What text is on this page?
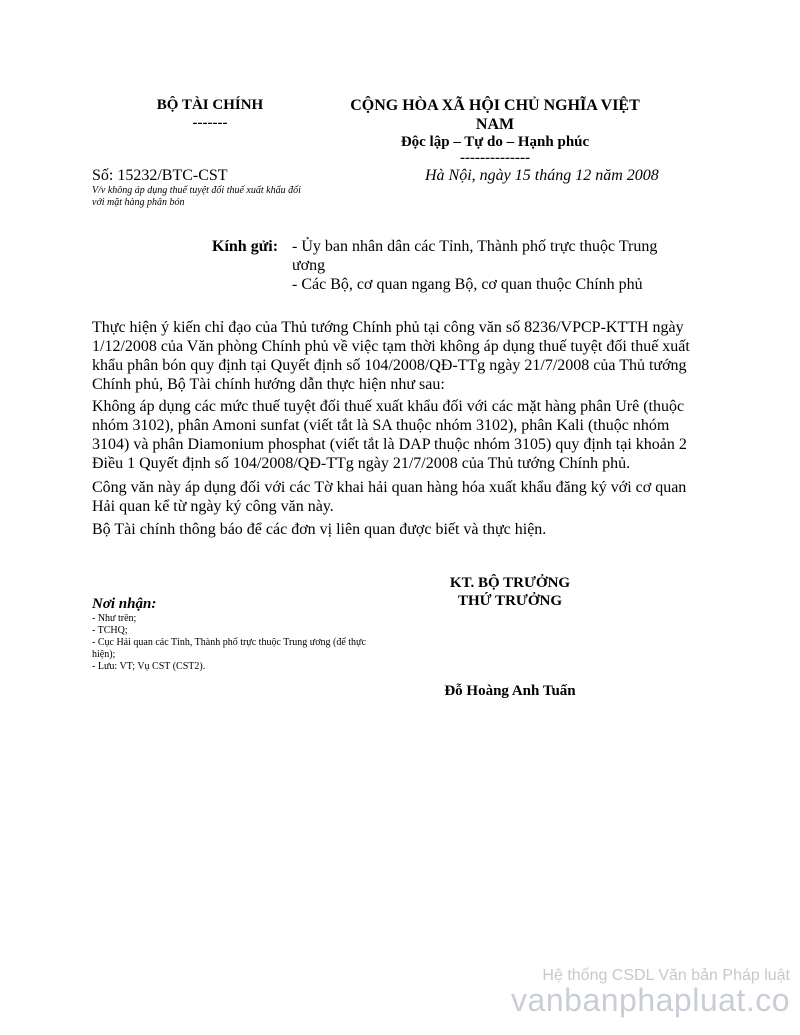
BỘ TÀI CHÍNH
-------
CỘNG HÒA XÃ HỘI CHỦ NGHĨA VIỆT
NAM
Độc lập – Tự do – Hạnh phúc
--------------
Số: 15232/BTC-CST
V/v không áp dụng thuế tuyệt đối thuế xuất khẩu đối
với mặt hàng phân bón
Hà Nội, ngày 15 tháng 12 năm 2008
Kính gửi: - Ủy ban nhân dân các Tỉnh, Thành phố trực thuộc Trung
ương
- Các Bộ, cơ quan ngang Bộ, cơ quan thuộc Chính phủ
Thực hiện ý kiến chỉ đạo của Thủ tướng Chính phủ tại công văn số 8236/VPCP-KTTH ngày 1/12/2008 của Văn phòng Chính phủ về việc tạm thời không áp dụng thuế tuyệt đối thuế xuất khẩu phân bón quy định tại Quyết định số 104/2008/QĐ-TTg ngày 21/7/2008 của Thủ tướng Chính phủ, Bộ Tài chính hướng dẫn thực hiện như sau:
Không áp dụng các mức thuế tuyệt đối thuế xuất khẩu đối với các mặt hàng phân Urê (thuộc nhóm 3102), phân Amoni sunfat (viết tắt là SA thuộc nhóm 3102), phân Kali (thuộc nhóm 3104) và phân Diamonium phosphat (viết tắt là DAP thuộc nhóm 3105) quy định tại khoản 2 Điều 1 Quyết định số 104/2008/QĐ-TTg ngày 21/7/2008 của Thủ tướng Chính phủ.
Công văn này áp dụng đối với các Tờ khai hải quan hàng hóa xuất khẩu đăng ký với cơ quan Hải quan kể từ ngày ký công văn này.
Bộ Tài chính thông báo để các đơn vị liên quan được biết và thực hiện.
KT. BỘ TRƯỞNG
THỨ TRƯỞNG
Đỗ Hoàng Anh Tuấn
Nơi nhận:
- Như trên;
- TCHQ;
- Cục Hải quan các Tỉnh, Thành phố trực thuộc Trung ương (để thực hiện);
- Lưu: VT; Vụ CST (CST2).
Hệ thống CSDL Văn bản Pháp luật
vanbanphapluat.co
